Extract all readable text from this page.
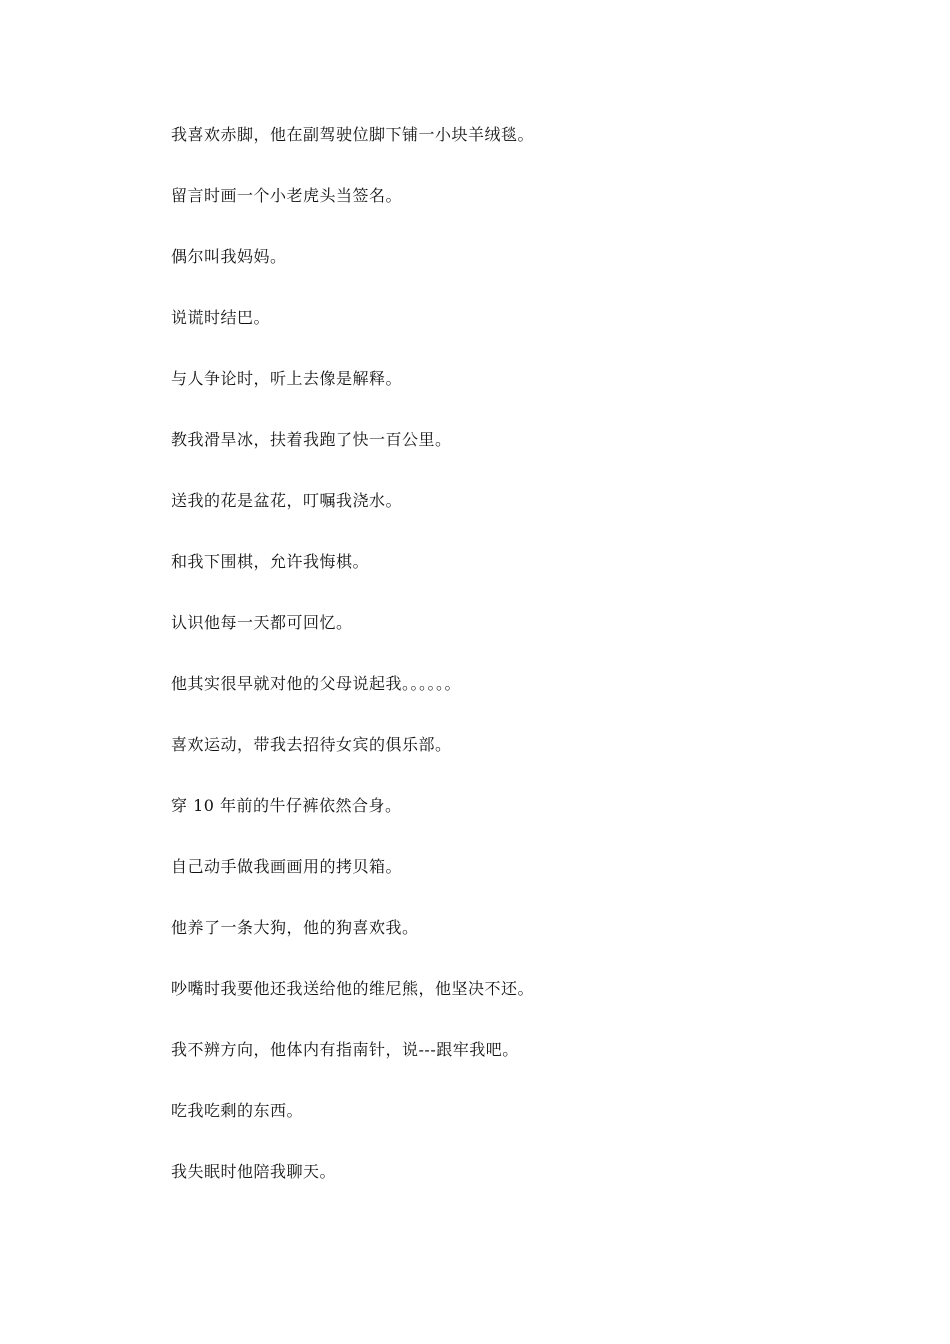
我喜欢赤脚，他在副驾驶位脚下铺一小块羊绒毯。
留言时画一个小老虎头当签名。
偶尔叫我妈妈。
说谎时结巴。
与人争论时，听上去像是解释。
教我滑旱冰，扶着我跑了快一百公里。
送我的花是盆花，叮嘱我浇水。
和我下围棋，允许我悔棋。
认识他每一天都可回忆。
他其实很早就对他的父母说起我。。。。。。
喜欢运动，带我去招待女宾的俱乐部。
穿 10 年前的牛仔裤依然合身。
自己动手做我画画用的拷贝箱。
他养了一条大狗，他的狗喜欢我。
吵嘴时我要他还我送给他的维尼熊，他坚决不还。
我不辨方向，他体内有指南针，说---跟牢我吧。
吃我吃剩的东西。
我失眠时他陪我聊天。
